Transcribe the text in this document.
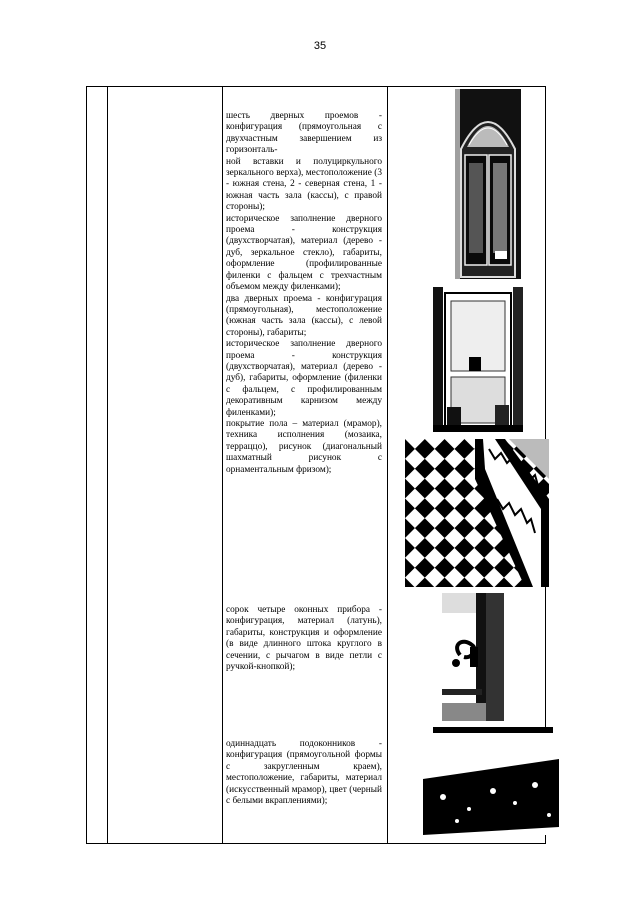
35

шесть дверных проемов - конфигурация (прямоугольная с двухчастным завершением из горизонталь-

ной вставки и полуциркульного зеркального верха), местоположение (3 - южная стена, 2 - северная стена, 1 - южная часть зала (кассы), с правой стороны);

историческое заполнение дверного проема - конструкция (двухстворчатая), материал (дерево - дуб, зеркальное стекло), габариты, оформление (профилированные филенки с фальцем с трехчастным объемом между филенками);

два дверных проема - конфигурация (прямоугольная), местоположение (южная часть зала (кассы), с левой стороны), габариты;

историческое заполнение дверного проема - конструкция (двухстворчатая), материал (дерево - дуб), габариты, оформление (филенки с фальцем, с профилированным декоративным карнизом между филенками);

покрытие пола – материал (мрамор), техника исполнения (мозаика, терраццо), рисунок (диагональный шахматный рисунок с орнаментальным фризом);

сорок четыре оконных прибора - конфигурация, материал (латунь), габариты, конструкция и оформление (в виде длинного штока круглого в сечении, с рычагом в виде петли с ручкой-кнопкой);

одиннадцать подоконников - конфигурация (прямоугольной формы с закругленным краем), местоположение, габариты, материал (искусственный мрамор), цвет (черный с белыми вкраплениями);
